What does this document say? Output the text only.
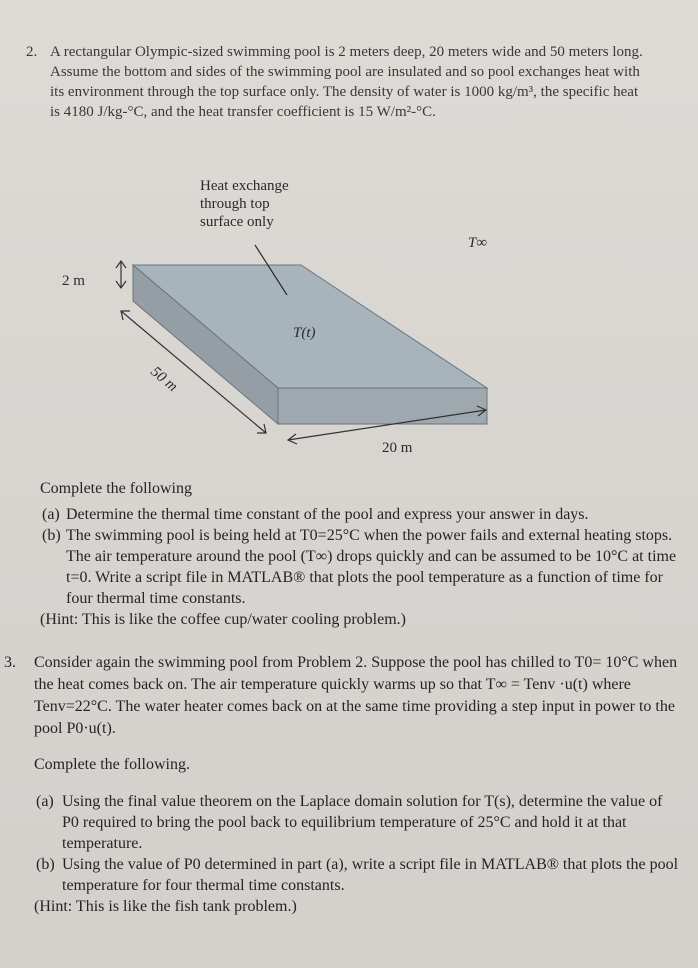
2. A rectangular Olympic-sized swimming pool is 2 meters deep, 20 meters wide and 50 meters long. Assume the bottom and sides of the swimming pool are insulated and so pool exchanges heat with its environment through the top surface only. The density of water is 1000 kg/m³, the specific heat is 4180 J/kg-°C, and the heat transfer coefficient is 15 W/m²-°C.
Heat exchange
through top
surface only
T∞
2 m
T(t)
50 m
20 m
Complete the following
(a) Determine the thermal time constant of the pool and express your answer in days.
(b) The swimming pool is being held at T0=25°C when the power fails and external heating stops. The air temperature around the pool (T∞) drops quickly and can be assumed to be 10°C at time t=0. Write a script file in MATLAB® that plots the pool temperature as a function of time for four thermal time constants.
(Hint: This is like the coffee cup/water cooling problem.)
3. Consider again the swimming pool from Problem 2. Suppose the pool has chilled to T0= 10°C when the heat comes back on. The air temperature quickly warms up so that T∞ = Tenv ·u(t) where Tenv=22°C. The water heater comes back on at the same time providing a step input in power to the pool P0·u(t).
Complete the following.
(a) Using the final value theorem on the Laplace domain solution for T(s), determine the value of P0 required to bring the pool back to equilibrium temperature of 25°C and hold it at that temperature.
(b) Using the value of P0 determined in part (a), write a script file in MATLAB® that plots the pool temperature for four thermal time constants.
(Hint: This is like the fish tank problem.)
